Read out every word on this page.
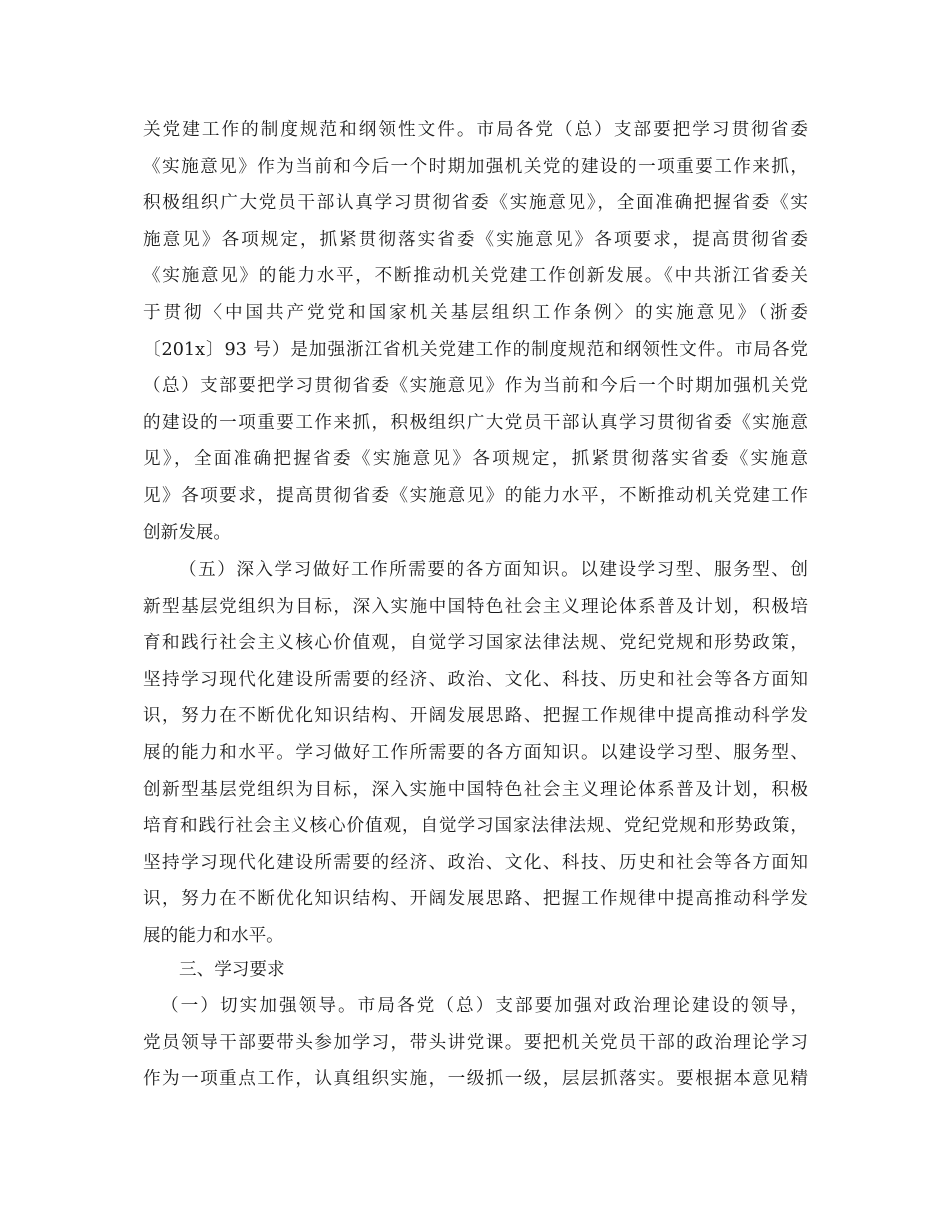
关党建工作的制度规范和纲领性文件。市局各党（总）支部要把学习贯彻省委
《实施意见》作为当前和今后一个时期加强机关党的建设的一项重要工作来抓，
积极组织广大党员干部认真学习贯彻省委《实施意见》，全面准确把握省委《实
施意见》各项规定，抓紧贯彻落实省委《实施意见》各项要求，提高贯彻省委
《实施意见》的能力水平，不断推动机关党建工作创新发展。《中共浙江省委关
于贯彻〈中国共产党党和国家机关基层组织工作条例〉的实施意见》（浙委
〔201x〕93 号）是加强浙江省机关党建工作的制度规范和纲领性文件。市局各党
（总）支部要把学习贯彻省委《实施意见》作为当前和今后一个时期加强机关党
的建设的一项重要工作来抓，积极组织广大党员干部认真学习贯彻省委《实施意
见》，全面准确把握省委《实施意见》各项规定，抓紧贯彻落实省委《实施意
见》各项要求，提高贯彻省委《实施意见》的能力水平，不断推动机关党建工作
创新发展。
（五）深入学习做好工作所需要的各方面知识。以建设学习型、服务型、创
新型基层党组织为目标，深入实施中国特色社会主义理论体系普及计划，积极培
育和践行社会主义核心价值观，自觉学习国家法律法规、党纪党规和形势政策，
坚持学习现代化建设所需要的经济、政治、文化、科技、历史和社会等各方面知
识，努力在不断优化知识结构、开阔发展思路、把握工作规律中提高推动科学发
展的能力和水平。学习做好工作所需要的各方面知识。以建设学习型、服务型、
创新型基层党组织为目标，深入实施中国特色社会主义理论体系普及计划，积极
培育和践行社会主义核心价值观，自觉学习国家法律法规、党纪党规和形势政策，
坚持学习现代化建设所需要的经济、政治、文化、科技、历史和社会等各方面知
识，努力在不断优化知识结构、开阔发展思路、把握工作规律中提高推动科学发
展的能力和水平。
三、学习要求
（一）切实加强领导。市局各党（总）支部要加强对政治理论建设的领导，
党员领导干部要带头参加学习，带头讲党课。要把机关党员干部的政治理论学习
作为一项重点工作，认真组织实施，一级抓一级，层层抓落实。要根据本意见精
